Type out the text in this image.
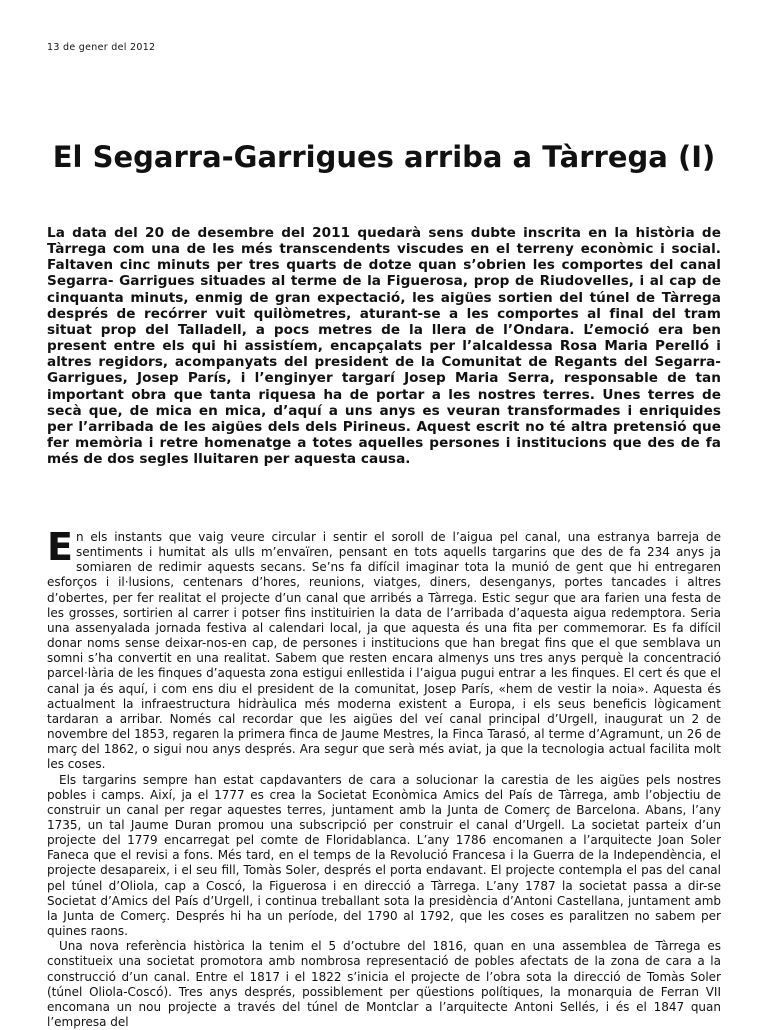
13 de gener del 2012
El Segarra-Garrigues arriba a Tàrrega (I)

La data del 20 de desembre del 2011 quedarà sens dubte inscrita en la història de Tàrrega com una de les més transcendents viscudes en el terreny econòmic i social. Faltaven cinc minuts per tres quarts de dotze quan s’obrien les comportes del canal Segarra- Garrigues situades al terme de la Figuerosa, prop de Riudovelles, i al cap de cinquanta minuts, enmig de gran expectació, les aigües sortien del túnel de Tàrrega després de recórrer vuit quilòmetres, aturant-se a les comportes al final del tram situat prop del Talladell, a pocs metres de la llera de l’Ondara. L’emoció era ben present entre els qui hi assistíem, encapçalats per l’alcaldessa Rosa Maria Perelló i altres regidors, acompanyats del president de la Comunitat de Regants del Segarra-Garrigues, Josep París, i l’enginyer targarí Josep Maria Serra, responsable de tan important obra que tanta riquesa ha de portar a les nostres terres. Unes terres de secà que, de mica en mica, d’aquí a uns anys es veuran transformades i enriquides per l’arribada de les aigües dels dels Pirineus. Aquest escrit no té altra pretensió que fer memòria i retre homenatge a totes aquelles persones i institucions que des de fa més de dos segles lluitaren per aquesta causa.

En els instants que vaig veure circular i sentir el soroll de l’aigua pel canal, una estranya barreja de sentiments i humitat als ulls m’envaïren, pensant en tots aquells targarins que des de fa 234 anys ja somiaren de redimir aquests secans. Se’ns fa difícil imaginar tota la munió de gent que hi entregaren esforços i il·lusions, centenars d’hores, reunions, viatges, diners, desenganys, portes tancades i altres d’obertes, per fer realitat el projecte d’un canal que arribés a Tàrrega. Estic segur que ara farien una festa de les grosses, sortirien al carrer i potser fins instituirien la data de l’arribada d’aquesta aigua redemptora. Seria una assenyalada jornada festiva al calendari local, ja que aquesta és una fita per commemorar. Es fa difícil donar noms sense deixar-nos-en cap, de persones i institucions que han bregat fins que el que semblava un somni s’ha convertit en una realitat. Sabem que resten encara almenys uns tres anys perquè la concentració parcel·lària de les finques d’aquesta zona estigui enllestida i l’aigua pugui entrar a les finques. El cert és que el canal ja és aquí, i com ens diu el president de la comunitat, Josep París, «hem de vestir la noia». Aquesta és actualment la infraestructura hidràulica més moderna existent a Europa, i els seus beneficis lògicament tardaran a arribar. Només cal recordar que les aigües del veí canal principal d’Urgell, inaugurat un 2 de novembre del 1853, regaren la primera finca de Jaume Mestres, la Finca Tarasó, al terme d’Agramunt, un 26 de març del 1862, o sigui nou anys després. Ara segur que serà més aviat, ja que la tecnologia actual facilita molt les coses.

Els targarins sempre han estat capdavanters de cara a solucionar la carestia de les aigües pels nostres pobles i camps. Així, ja el 1777 es crea la Societat Econòmica Amics del País de Tàrrega, amb l’objectiu de construir un canal per regar aquestes terres, juntament amb la Junta de Comerç de Barcelona. Abans, l’any 1735, un tal Jaume Duran promou una subscripció per construir el canal d’Urgell. La societat parteix d’un projecte del 1779 encarregat pel comte de Floridablanca. L’any 1786 encomanen a l’arquitecte Joan Soler Faneca que el revisi a fons. Més tard, en el temps de la Revolució Francesa i la Guerra de la Independència, el projecte desapareix, i el seu fill, Tomàs Soler, després el porta endavant. El projecte contempla el pas del canal pel túnel d’Oliola, cap a Coscó, la Figuerosa i en direcció a Tàrrega. L’any 1787 la societat passa a dir-se Societat d’Amics del País d’Urgell, i continua treballant sota la presidència d’Antoni Castellana, juntament amb la Junta de Comerç. Després hi ha un període, del 1790 al 1792, que les coses es paralitzen no sabem per quines raons.

Una nova referència històrica la tenim el 5 d’octubre del 1816, quan en una assemblea de Tàrrega es constitueix una societat promotora amb nombrosa representació de pobles afectats de la zona de cara a la construcció d’un canal. Entre el 1817 i el 1822 s’inicia el projecte de l’obra sota la direcció de Tomàs Soler (túnel Oliola-Coscó). Tres anys després, possiblement per qüestions polítiques, la monarquia de Ferran VII encomana un nou projecte a través del túnel de Montclar a l’arquitecte Antoni Sellés, i és el 1847 quan l’empresa del
